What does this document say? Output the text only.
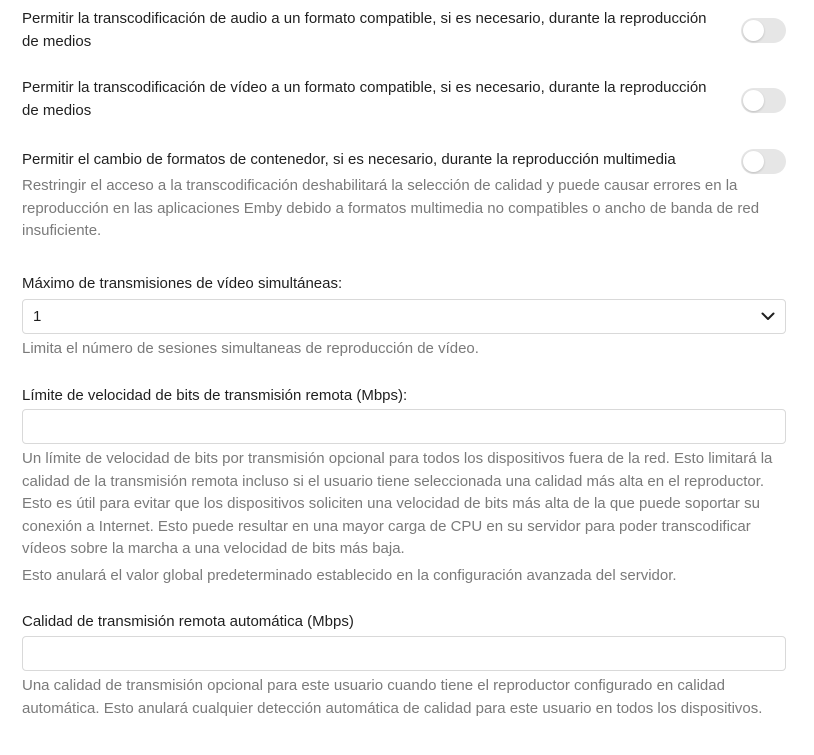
Permitir la transcodificación de audio a un formato compatible, si es necesario, durante la reproducción de medios
Permitir la transcodificación de vídeo a un formato compatible, si es necesario, durante la reproducción de medios
Permitir el cambio de formatos de contenedor, si es necesario, durante la reproducción multimedia
Restringir el acceso a la transcodificación deshabilitará la selección de calidad y puede causar errores en la reproducción en las aplicaciones Emby debido a formatos multimedia no compatibles o ancho de banda de red insuficiente.
Máximo de transmisiones de vídeo simultáneas:
1
Limita el número de sesiones simultaneas de reproducción de vídeo.
Límite de velocidad de bits de transmisión remota (Mbps):
Un límite de velocidad de bits por transmisión opcional para todos los dispositivos fuera de la red. Esto limitará la calidad de la transmisión remota incluso si el usuario tiene seleccionada una calidad más alta en el reproductor. Esto es útil para evitar que los dispositivos soliciten una velocidad de bits más alta de la que puede soportar su conexión a Internet. Esto puede resultar en una mayor carga de CPU en su servidor para poder transcodificar vídeos sobre la marcha a una velocidad de bits más baja.
Esto anulará el valor global predeterminado establecido en la configuración avanzada del servidor.
Calidad de transmisión remota automática (Mbps)
Una calidad de transmisión opcional para este usuario cuando tiene el reproductor configurado en calidad automática. Esto anulará cualquier detección automática de calidad para este usuario en todos los dispositivos.
